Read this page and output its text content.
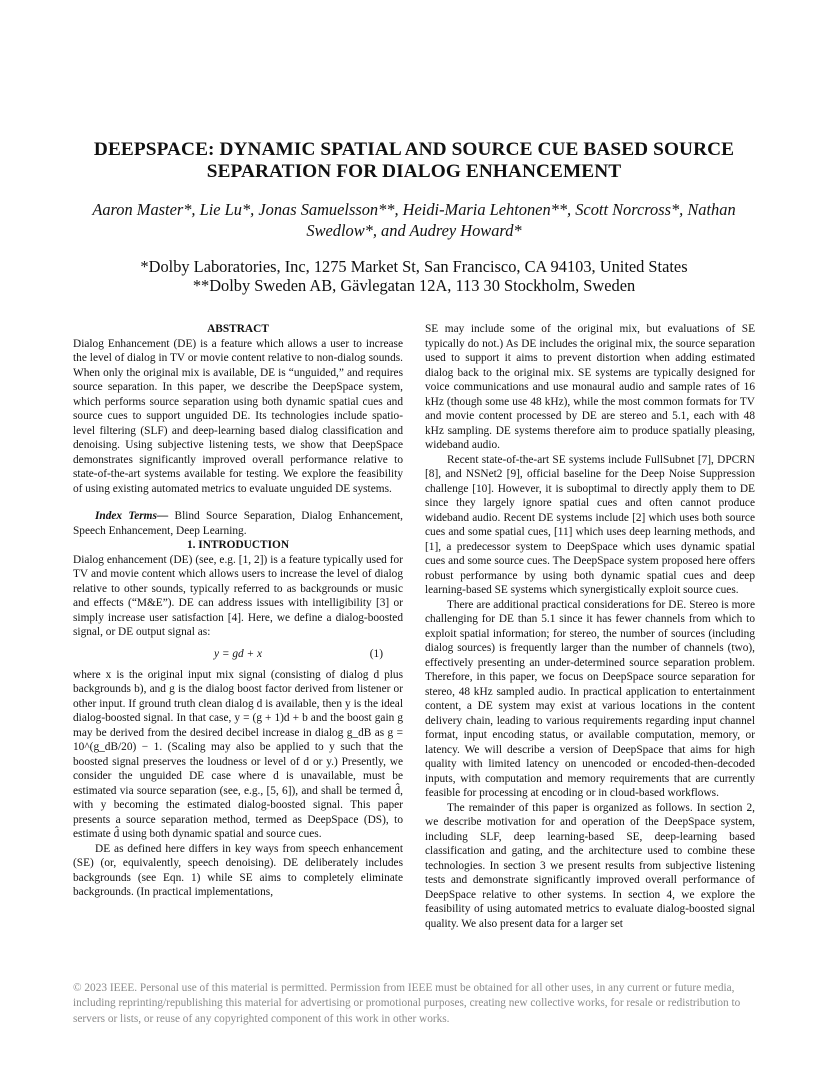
DEEPSPACE: DYNAMIC SPATIAL AND SOURCE CUE BASED SOURCE SEPARATION FOR DIALOG ENHANCEMENT
Aaron Master*, Lie Lu*, Jonas Samuelsson**, Heidi-Maria Lehtonen**, Scott Norcross*, Nathan Swedlow*, and Audrey Howard*
*Dolby Laboratories, Inc, 1275 Market St, San Francisco, CA 94103, United States
**Dolby Sweden AB, Gävlegatan 12A, 113 30 Stockholm, Sweden

ABSTRACT

Dialog Enhancement (DE) is a feature which allows a user to increase the level of dialog in TV or movie content relative to non-dialog sounds. When only the original mix is available, DE is “unguided,” and requires source separation. In this paper, we describe the DeepSpace system, which performs source separation using both dynamic spatial cues and source cues to support unguided DE. Its technologies include spatio-level filtering (SLF) and deep-learning based dialog classification and denoising. Using subjective listening tests, we show that DeepSpace demonstrates significantly improved overall performance relative to state-of-the-art systems available for testing. We explore the feasibility of using existing automated metrics to evaluate unguided DE systems.

Index Terms— Blind Source Separation, Dialog Enhancement, Speech Enhancement, Deep Learning.

1. INTRODUCTION

Dialog enhancement (DE) (see, e.g. [1, 2]) is a feature typically used for TV and movie content which allows users to increase the level of dialog relative to other sounds, typically referred to as backgrounds or music and effects (“M&E”). DE can address issues with intelligibility [3] or simply increase user satisfaction [4]. Here, we define a dialog-boosted signal, or DE output signal as:

y = gd + x	(1)

where x is the original input mix signal (consisting of dialog d plus backgrounds b), and g is the dialog boost factor derived from listener or other input. If ground truth clean dialog d is available, then y is the ideal dialog-boosted signal. In that case, y = (g + 1)d + b and the boost gain g may be derived from the desired decibel increase in dialog g_dB as g = 10^(g_dB/20) − 1. (Scaling may also be applied to y such that the boosted signal preserves the loudness or level of d or y.) Presently, we consider the unguided DE case where d is unavailable, must be estimated via source separation (see, e.g., [5, 6]), and shall be termed d̂, with y becoming the estimated dialog-boosted signal. This paper presents a source separation method, termed as DeepSpace (DS), to estimate d̂ using both dynamic spatial and source cues.

DE as defined here differs in key ways from speech enhancement (SE) (or, equivalently, speech denoising). DE deliberately includes backgrounds (see Eqn. 1) while SE aims to completely eliminate backgrounds. (In practical implementations,

SE may include some of the original mix, but evaluations of SE typically do not.) As DE includes the original mix, the source separation used to support it aims to prevent distortion when adding estimated dialog back to the original mix. SE systems are typically designed for voice communications and use monaural audio and sample rates of 16 kHz (though some use 48 kHz), while the most common formats for TV and movie content processed by DE are stereo and 5.1, each with 48 kHz sampling. DE systems therefore aim to produce spatially pleasing, wideband audio.

Recent state-of-the-art SE systems include FullSubnet [7], DPCRN [8], and NSNet2 [9], official baseline for the Deep Noise Suppression challenge [10]. However, it is suboptimal to directly apply them to DE since they largely ignore spatial cues and often cannot produce wideband audio. Recent DE systems include [2] which uses both source cues and some spatial cues, [11] which uses deep learning methods, and [1], a predecessor system to DeepSpace which uses dynamic spatial cues and some source cues. The DeepSpace system proposed here offers robust performance by using both dynamic spatial cues and deep learning-based SE systems which synergistically exploit source cues.

There are additional practical considerations for DE. Stereo is more challenging for DE than 5.1 since it has fewer channels from which to exploit spatial information; for stereo, the number of sources (including dialog sources) is frequently larger than the number of channels (two), effectively presenting an under-determined source separation problem. Therefore, in this paper, we focus on DeepSpace source separation for stereo, 48 kHz sampled audio. In practical application to entertainment content, a DE system may exist at various locations in the content delivery chain, leading to various requirements regarding input channel format, input encoding status, or available computation, memory, or latency. We will describe a version of DeepSpace that aims for high quality with limited latency on unencoded or encoded-then-decoded inputs, with computation and memory requirements that are currently feasible for processing at encoding or in cloud-based workflows.

The remainder of this paper is organized as follows. In section 2, we describe motivation for and operation of the DeepSpace system, including SLF, deep learning-based SE, deep-learning based classification and gating, and the architecture used to combine these technologies. In section 3 we present results from subjective listening tests and demonstrate significantly improved overall performance of DeepSpace relative to other systems. In section 4, we explore the feasibility of using automated metrics to evaluate dialog-boosted signal quality. We also present data for a larger set

© 2023 IEEE. Personal use of this material is permitted. Permission from IEEE must be obtained for all other uses, in any current or future media, including reprinting/republishing this material for advertising or promotional purposes, creating new collective works, for resale or redistribution to servers or lists, or reuse of any copyrighted component of this work in other works.
